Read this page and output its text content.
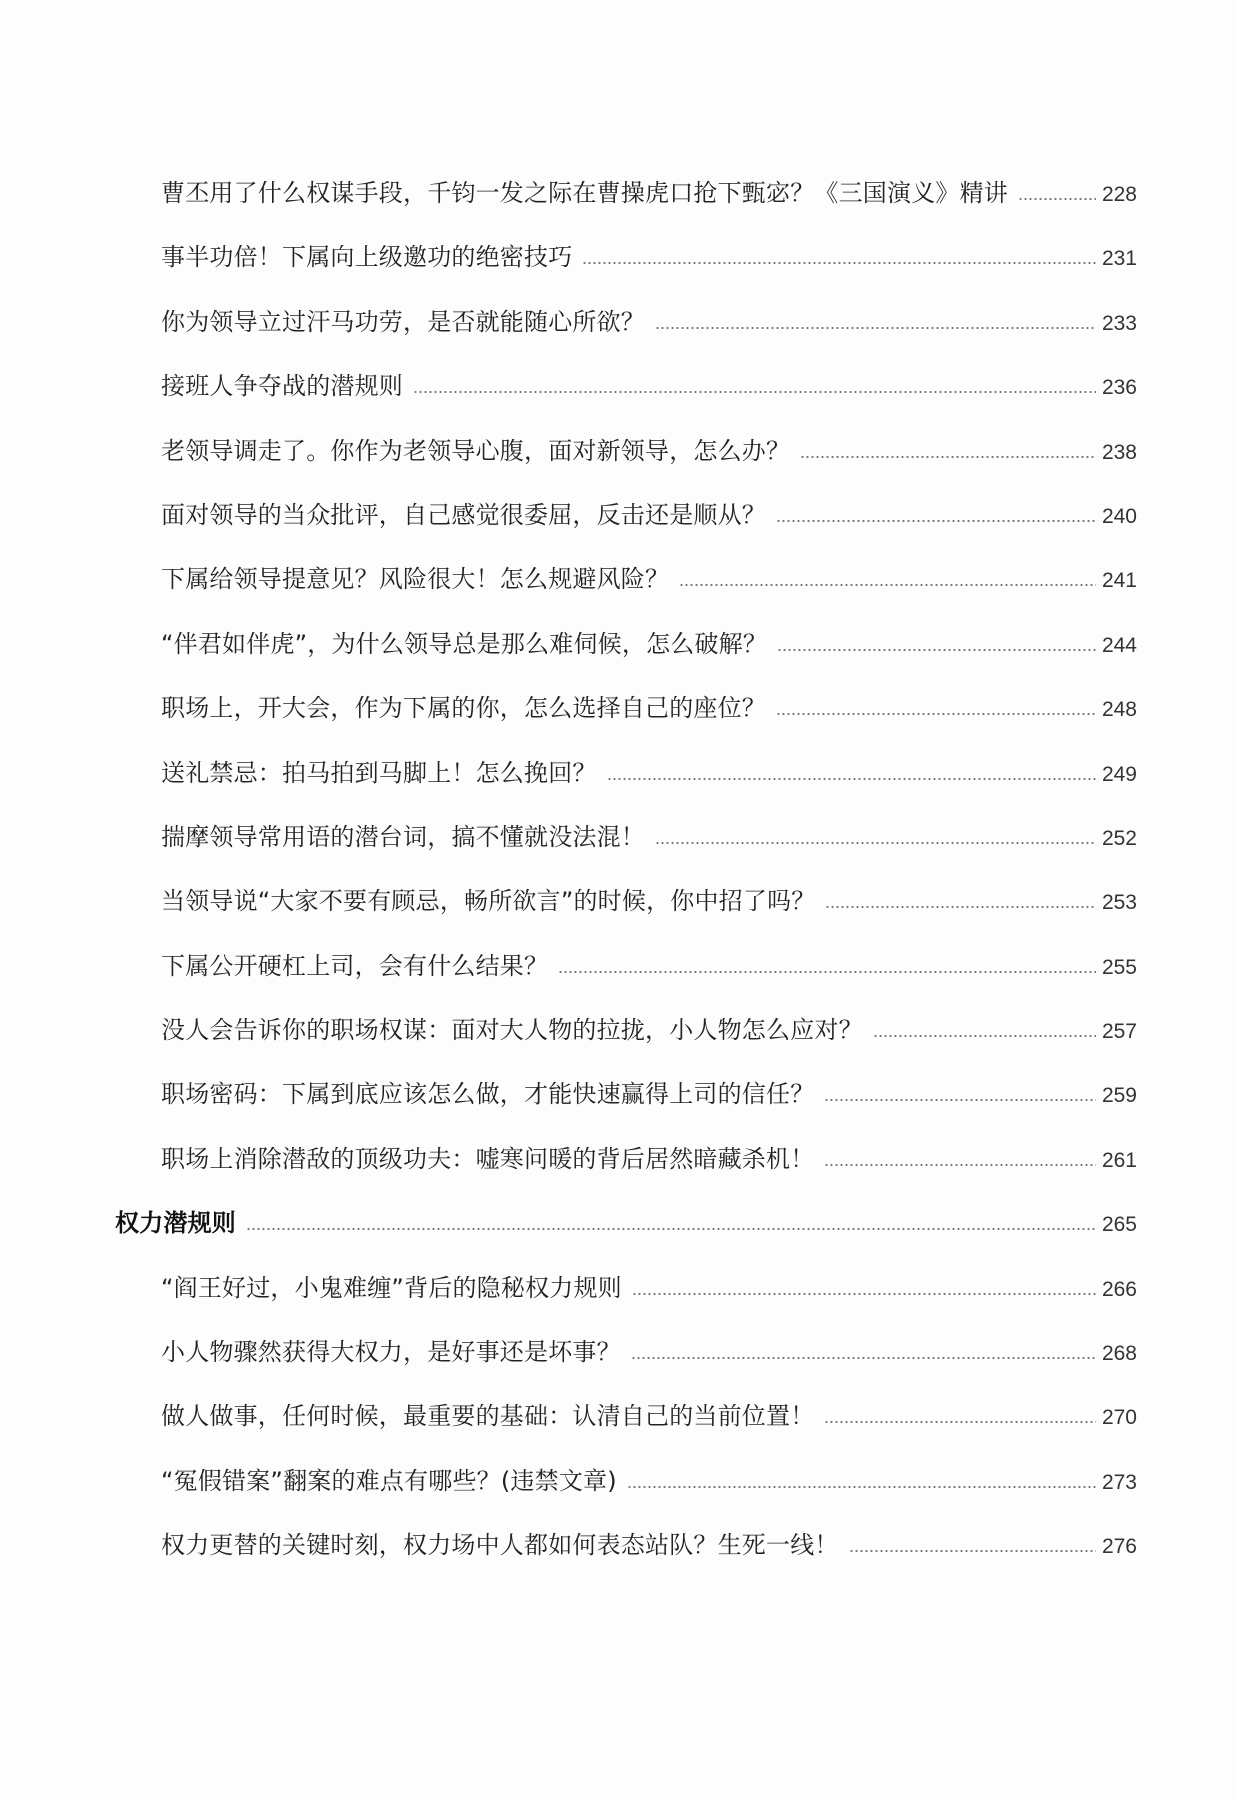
曹丕用了什么权谋手段，千钧一发之际在曹操虎口抢下甄宓？《三国演义》精讲	228
事半功倍！下属向上级邀功的绝密技巧	231
你为领导立过汗马功劳，是否就能随心所欲？	233
接班人争夺战的潜规则	236
老领导调走了。你作为老领导心腹，面对新领导，怎么办？	238
面对领导的当众批评，自己感觉很委屈，反击还是顺从？	240
下属给领导提意见？风险很大！怎么规避风险？	241
“伴君如伴虎”，为什么领导总是那么难伺候，怎么破解？	244
职场上，开大会，作为下属的你，怎么选择自己的座位？	248
送礼禁忌：拍马拍到马脚上！怎么挽回？	249
揣摩领导常用语的潜台词，搞不懂就没法混！	252
当领导说“大家不要有顾忌，畅所欲言”的时候，你中招了吗？	253
下属公开硬杠上司，会有什么结果？	255
没人会告诉你的职场权谋：面对大人物的拉拢，小人物怎么应对？	257
职场密码：下属到底应该怎么做，才能快速赢得上司的信任？	259
职场上消除潜敌的顶级功夫：嘘寒问暖的背后居然暗藏杀机！	261
权力潜规则	265
“阎王好过，小鬼难缠”背后的隐秘权力规则	266
小人物骤然获得大权力，是好事还是坏事？	268
做人做事，任何时候，最重要的基础：认清自己的当前位置！	270
“冤假错案”翻案的难点有哪些？(违禁文章)	273
权力更替的关键时刻，权力场中人都如何表态站队？生死一线！	276
